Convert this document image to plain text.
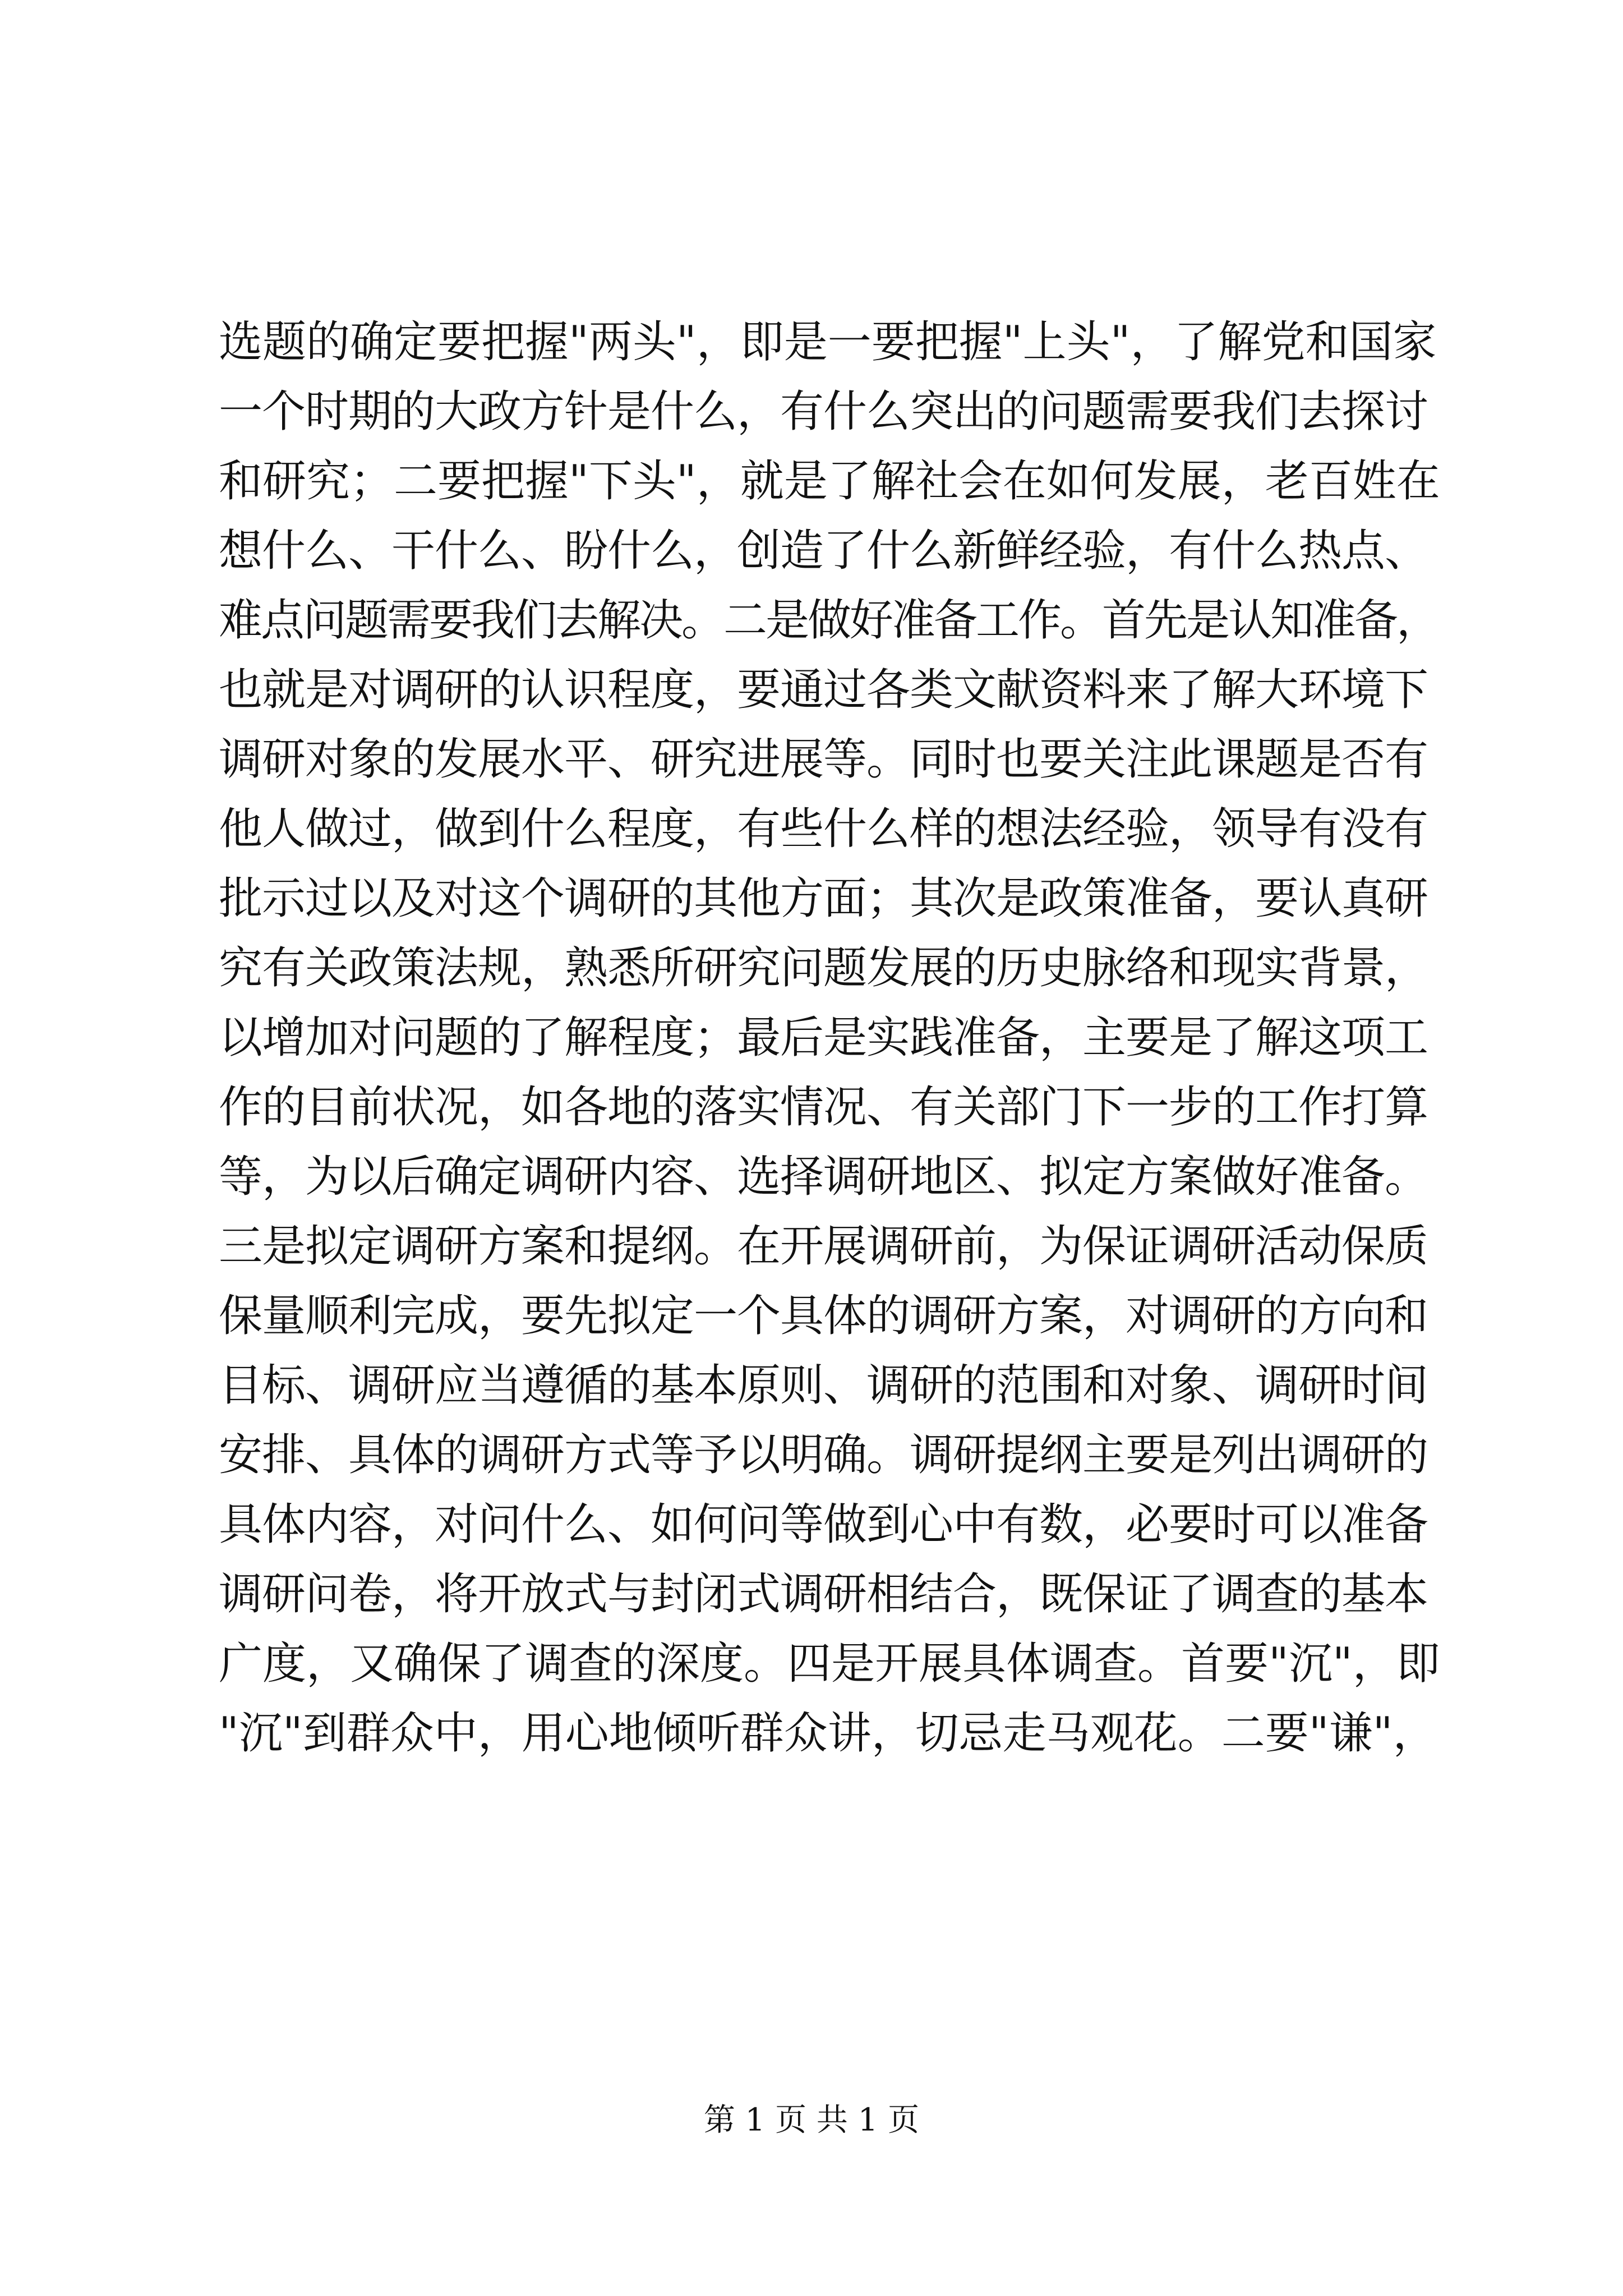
选题的确定要把握"两头"，即是一要把握"上头"，了解党和国家
一个时期的大政方针是什么，有什么突出的问题需要我们去探讨
和研究；二要把握"下头"，就是了解社会在如何发展，老百姓在
想什么、干什么、盼什么，创造了什么新鲜经验，有什么热点、
难点问题需要我们去解决。二是做好准备工作。首先是认知准备，
也就是对调研的认识程度，要通过各类文献资料来了解大环境下
调研对象的发展水平、研究进展等。同时也要关注此课题是否有
他人做过，做到什么程度，有些什么样的想法经验，领导有没有
批示过以及对这个调研的其他方面；其次是政策准备，要认真研
究有关政策法规，熟悉所研究问题发展的历史脉络和现实背景，
以增加对问题的了解程度；最后是实践准备，主要是了解这项工
作的目前状况，如各地的落实情况、有关部门下一步的工作打算
等，为以后确定调研内容、选择调研地区、拟定方案做好准备。
三是拟定调研方案和提纲。在开展调研前，为保证调研活动保质
保量顺利完成，要先拟定一个具体的调研方案，对调研的方向和
目标、调研应当遵循的基本原则、调研的范围和对象、调研时间
安排、具体的调研方式等予以明确。调研提纲主要是列出调研的
具体内容，对问什么、如何问等做到心中有数，必要时可以准备
调研问卷，将开放式与封闭式调研相结合，既保证了调查的基本
广度，又确保了调查的深度。四是开展具体调查。首要"沉"，即
"沉"到群众中，用心地倾听群众讲，切忌走马观花。二要"谦"，
第 1 页 共 1 页
